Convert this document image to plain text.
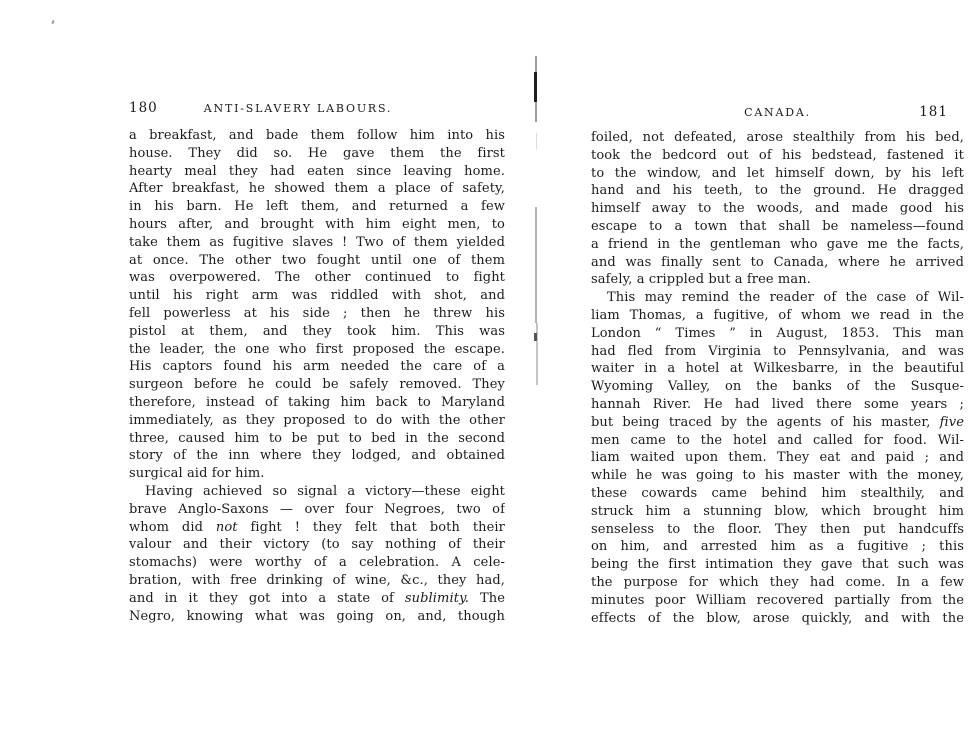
180	ANTI-SLAVERY LABOURS.
a breakfast, and bade them follow him into his
house. They did so. He gave them the first
hearty meal they had eaten since leaving home.
After breakfast, he showed them a place of safety,
in his barn. He left them, and returned a few
hours after, and brought with him eight men, to
take them as fugitive slaves ! Two of them yielded
at once. The other two fought until one of them
was overpowered. The other continued to fight
until his right arm was riddled with shot, and
fell powerless at his side ; then he threw his
pistol at them, and they took him. This was
the leader, the one who first proposed the escape.
His captors found his arm needed the care of a
surgeon before he could be safely removed. They
therefore, instead of taking him back to Maryland
immediately, as they proposed to do with the other
three, caused him to be put to bed in the second
story of the inn where they lodged, and obtained
surgical aid for him.
Having achieved so signal a victory—these eight
brave Anglo-Saxons — over four Negroes, two of
whom did not fight ! they felt that both their
valour and their victory (to say nothing of their
stomachs) were worthy of a celebration. A cele-
bration, with free drinking of wine, &c., they had,
and in it they got into a state of sublimity. The
Negro, knowing what was going on, and, though
CANADA.	181
foiled, not defeated, arose stealthily from his bed,
took the bedcord out of his bedstead, fastened it
to the window, and let himself down, by his left
hand and his teeth, to the ground. He dragged
himself away to the woods, and made good his
escape to a town that shall be nameless—found
a friend in the gentleman who gave me the facts,
and was finally sent to Canada, where he arrived
safely, a crippled but a free man.
This may remind the reader of the case of Wil-
liam Thomas, a fugitive, of whom we read in the
London “ Times ” in August, 1853. This man
had fled from Virginia to Pennsylvania, and was
waiter in a hotel at Wilkesbarre, in the beautiful
Wyoming Valley, on the banks of the Susque-
hannah River. He had lived there some years ;
but being traced by the agents of his master, five
men came to the hotel and called for food. Wil-
liam waited upon them. They eat and paid ; and
while he was going to his master with the money,
these cowards came behind him stealthily, and
struck him a stunning blow, which brought him
senseless to the floor. They then put handcuffs
on him, and arrested him as a fugitive ; this
being the first intimation they gave that such was
the purpose for which they had come. In a few
minutes poor William recovered partially from the
effects of the blow, arose quickly, and with the
